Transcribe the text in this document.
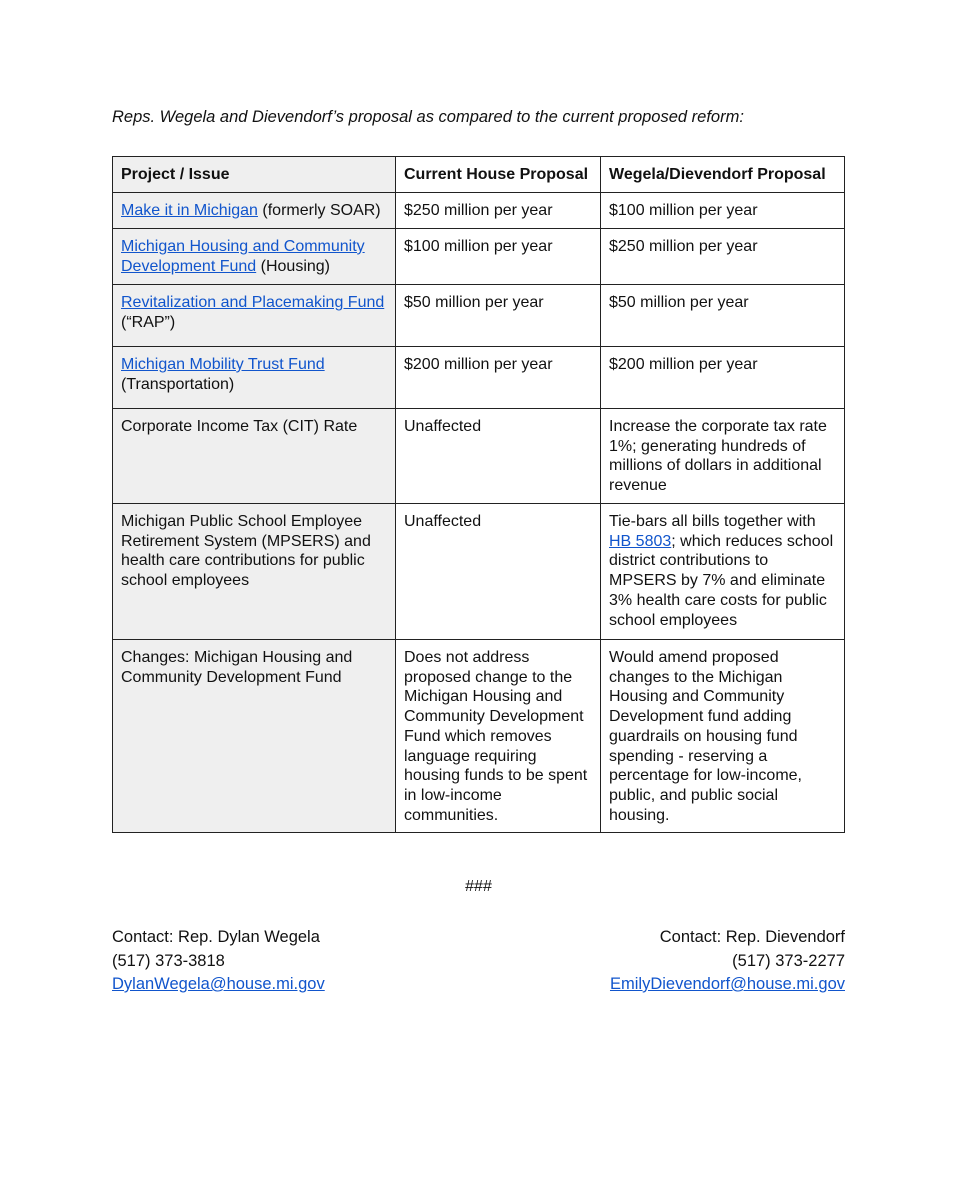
Reps. Wegela and Dievendorf’s proposal as compared to the current proposed reform:
Project / Issue	Current House Proposal	Wegela/Dievendorf Proposal
Make it in Michigan (formerly SOAR)	$250 million per year	$100 million per year
Michigan Housing and Community Development Fund (Housing)	$100 million per year	$250 million per year
Revitalization and Placemaking Fund (“RAP”)	$50 million per year	$50 million per year
Michigan Mobility Trust Fund (Transportation)	$200 million per year	$200 million per year
Corporate Income Tax (CIT) Rate	Unaffected	Increase the corporate tax rate 1%; generating hundreds of millions of dollars in additional revenue
Michigan Public School Employee Retirement System (MPSERS) and health care contributions for public school employees	Unaffected	Tie-bars all bills together with HB 5803; which reduces school district contributions to MPSERS by 7% and eliminate 3% health care costs for public school employees
Changes: Michigan Housing and Community Development Fund	Does not address proposed change to the Michigan Housing and Community Development Fund which removes language requiring housing funds to be spent in low-income communities.	Would amend proposed changes to the Michigan Housing and Community Development fund adding guardrails on housing fund spending - reserving a percentage for low-income, public, and public social housing.
###
Contact: Rep. Dylan Wegela
(517) 373-3818
DylanWegela@house.mi.gov
Contact: Rep. Dievendorf
(517) 373-2277
EmilyDievendorf@house.mi.gov
